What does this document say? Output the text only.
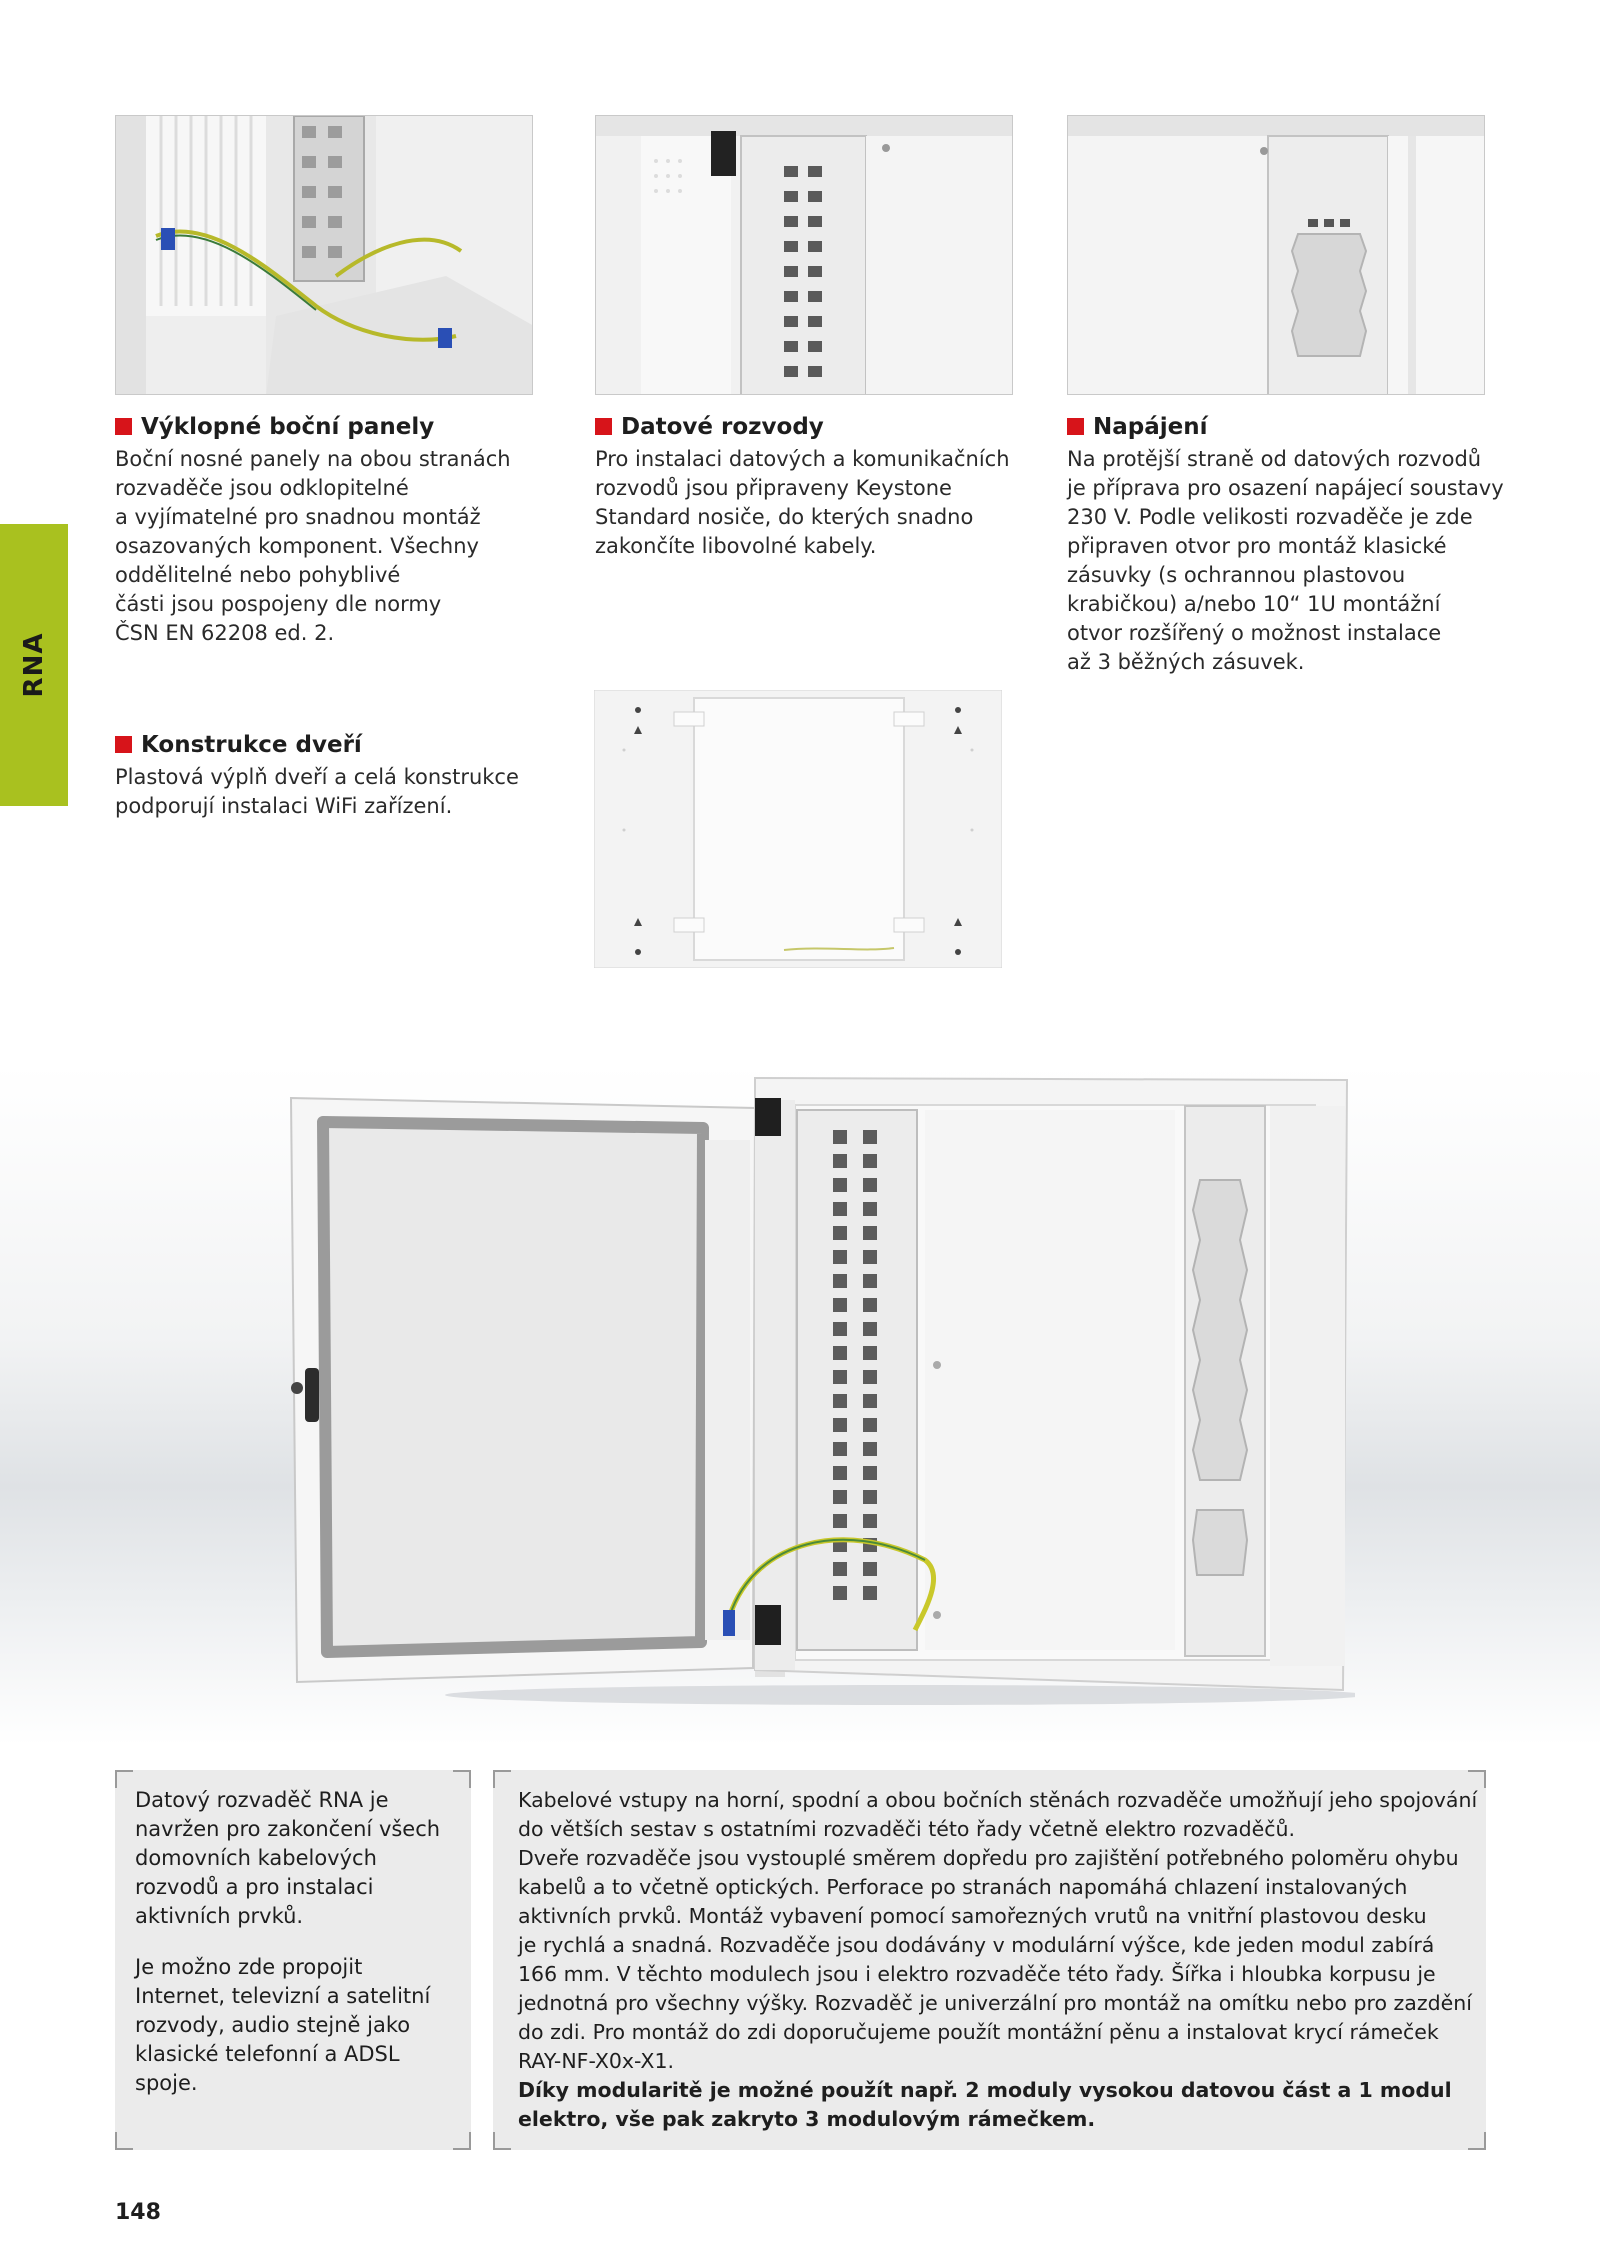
RNA
Výklopné boční panely

Boční nosné panely na obou stranách

rozvaděče jsou odklopitelné

a vyjímatelné pro snadnou montáž

osazovaných komponent. Všechny

oddělitelné nebo pohyblivé

části jsou pospojeny dle normy

ČSN EN 62208 ed. 2.

Datové rozvody

Pro instalaci datových a komunikačních

rozvodů jsou připraveny Keystone

Standard nosiče, do kterých snadno

zakončíte libovolné kabely.

Napájení

Na protější straně od datových rozvodů

je příprava pro osazení napájecí soustavy

230 V. Podle velikosti rozvaděče je zde

připraven otvor pro montáž klasické

zásuvky (s ochrannou plastovou

krabičkou) a/nebo 10“ 1U montážní

otvor rozšířený o možnost instalace

až 3 běžných zásuvek.

Konstrukce dveří

Plastová výplň dveří a celá konstrukce

podporují instalaci WiFi zařízení.

Datový rozvaděč RNA je

navržen pro zakončení všech

domovních kabelových

rozvodů a pro instalaci

aktivních prvků.

Je možno zde propojit

Internet, televizní a satelitní

rozvody, audio stejně jako

klasické telefonní a ADSL

spoje.

Kabelové vstupy na horní, spodní a obou bočních stěnách rozvaděče umožňují jeho spojování

do větších sestav s ostatními rozvaděči této řady včetně elektro rozvaděčů.

Dveře rozvaděče jsou vystouplé směrem dopředu pro zajištění potřebného poloměru ohybu

kabelů a to včetně optických. Perforace po stranách napomáhá chlazení instalovaných

aktivních prvků. Montáž vybavení pomocí samořezných vrutů na vnitřní plastovou desku

je rychlá a snadná. Rozvaděče jsou dodávány v modulární výšce, kde jeden modul zabírá

166 mm. V těchto modulech jsou i elektro rozvaděče této řady. Šířka i hloubka korpusu je

jednotná pro všechny výšky. Rozvaděč je univerzální pro montáž na omítku nebo pro zazdění

do zdi. Pro montáž do zdi doporučujeme použít montážní pěnu a instalovat krycí rámeček

RAY-NF-X0x-X1.

Díky modularitě je možné použít např. 2 moduly vysokou datovou část a 1 modul

elektro, vše pak zakryto 3 modulovým rámečkem.

148
